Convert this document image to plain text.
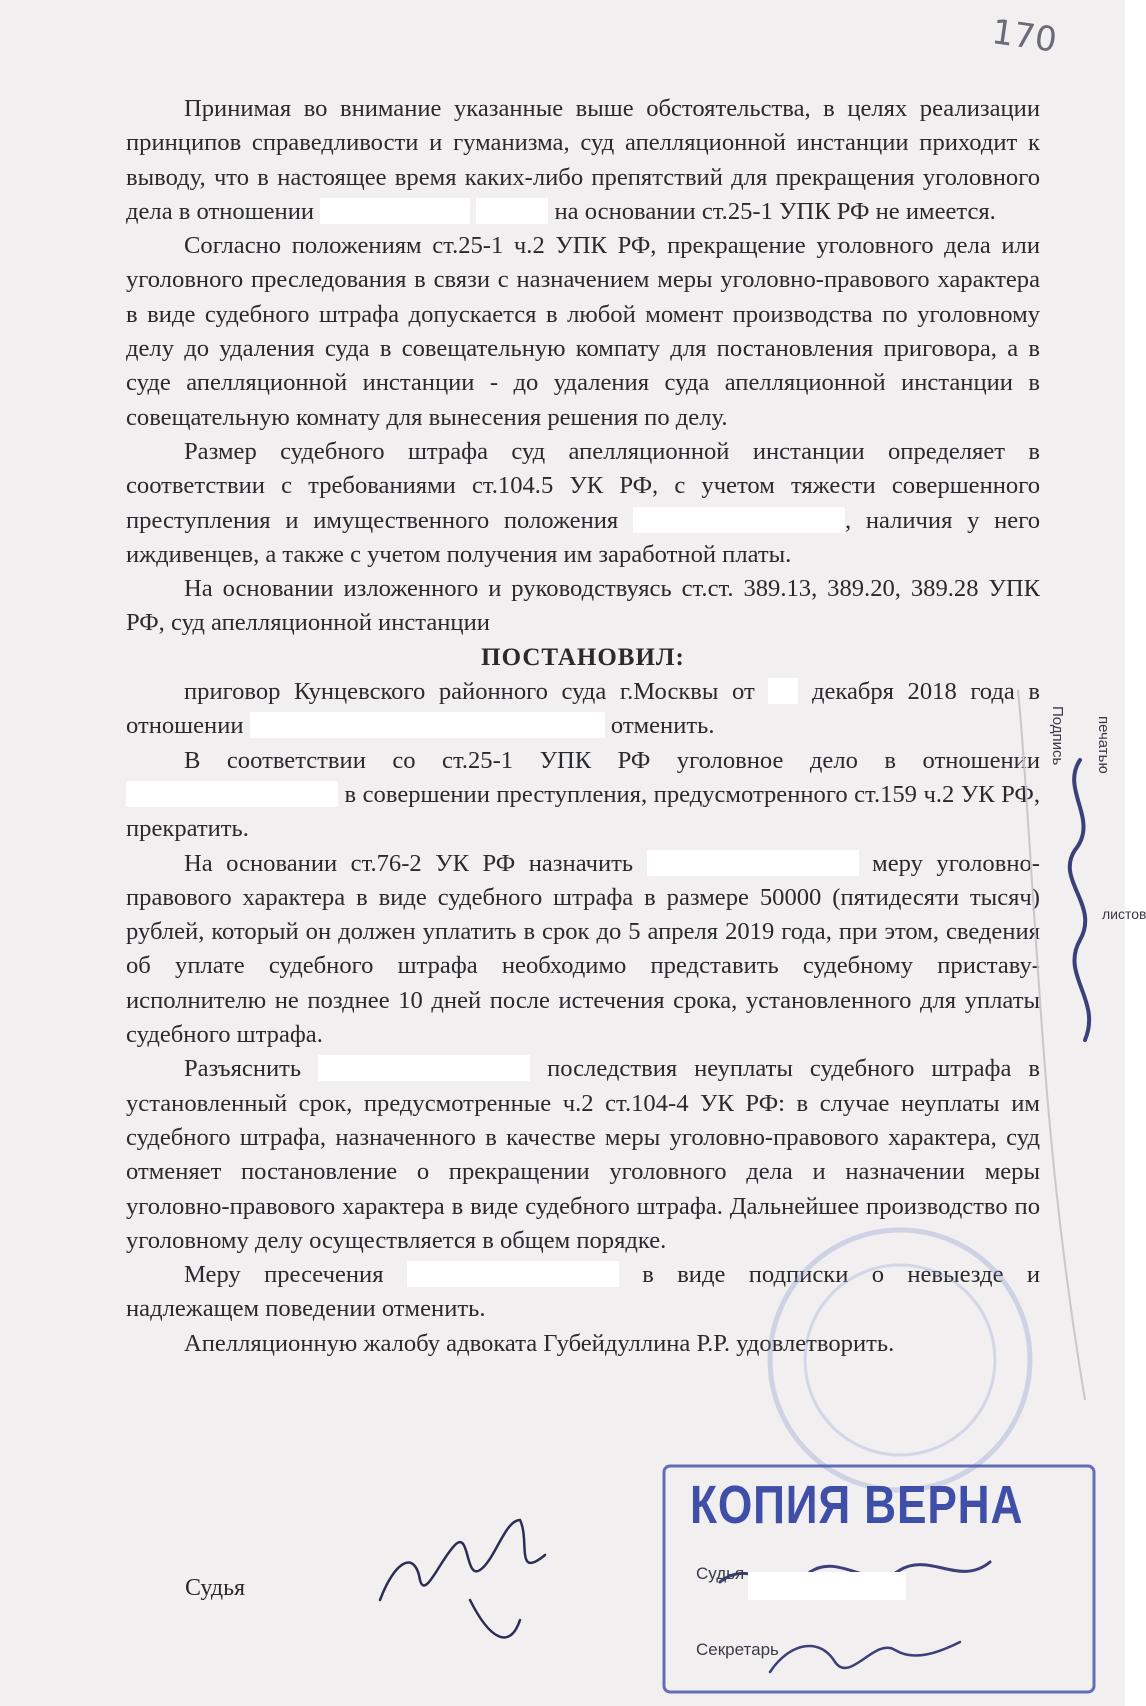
170

Принимая во внимание указанные выше обстоятельства, в целях реализации принципов справедливости и гуманизма, суд апелляционной инстанции приходит к выводу, что в настоящее время каких-либо препятствий для прекращения уголовного дела в отношении	на основании ст.25-1 УПК РФ не имеется.

Согласно положениям ст.25-1 ч.2 УПК РФ, прекращение уголовного дела или уголовного преследования в связи с назначением меры уголовно-правового характера в виде судебного штрафа допускается в любой момент производства по уголовному делу до удаления суда в совещательную компату для постановления приговора, а в суде апелляционной инстанции - до удаления суда апелляционной инстанции в совещательную комнату для вынесения решения по делу.

Размер судебного штрафа суд апелляционной инстанции определяет в соответствии с требованиями ст.104.5 УК РФ, с учетом тяжести совершенного преступления и имущественного положения	, наличия у него иждивенцев, а также с учетом получения им заработной платы.

На основании изложенного и руководствуясь ст.ст. 389.13, 389.20, 389.28 УПК РФ, суд апелляционной инстанции

ПОСТАНОВИЛ:

приговор Кунцевского районного суда г.Москвы от декабря 2018 года в отношении	отменить.

В соответствии со ст.25-1 УПК РФ уголовное дело в отношении  в совершении преступления, предусмотренного ст.159 ч.2 УК РФ, прекратить.

На основании ст.76-2 УК РФ назначить	меру уголовно-правового характера в виде судебного штрафа в размере 50000 (пятидесяти тысяч) рублей, который он должен уплатить в срок до 5 апреля 2019 года, при этом, сведения об уплате судебного штрафа необходимо представить судебному приставу-исполнителю не позднее 10 дней после истечения срока, установленного для уплаты судебного штрафа.

Разъяснить	последствия неуплаты судебного штрафа в установленный срок, предусмотренные ч.2 ст.104-4 УК РФ: в случае неуплаты им судебного штрафа, назначенного в качестве меры уголовно-правового характера, суд отменяет постановление о прекращении уголовного дела и назначении меры уголовно-правового характера в виде судебного штрафа. Дальнейшее производство по уголовному делу осуществляется в общем порядке.

Меру пресечения	в виде подписки о невыезде и надлежащем поведении отменить.

Апелляционную жалобу адвоката Губейдуллина Р.Р. удовлетворить.

печатью
Подпись
листов
Судья
КОПИЯ ВЕРНА
Судья
Секретарь
